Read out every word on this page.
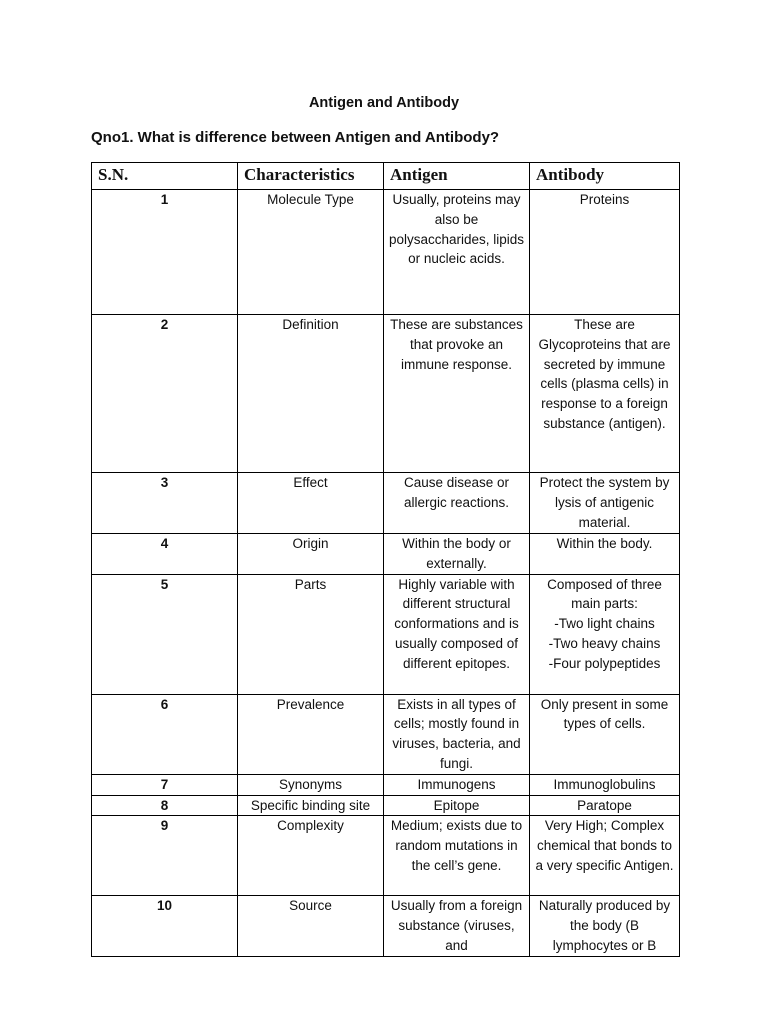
Antigen and Antibody
Qno1. What is difference between Antigen and Antibody?
S.N.	Characteristics	Antigen	Antibody
1	Molecule Type	Usually, proteins may also be polysaccharides, lipids or nucleic acids.	Proteins
2	Definition	These are substances that provoke an immune response.	These are Glycoproteins that are secreted by immune cells (plasma cells) in response to a foreign substance (antigen).
3	Effect	Cause disease or allergic reactions.	Protect the system by lysis of antigenic material.
4	Origin	Within the body or externally.	Within the body.
5	Parts	Highly variable with different structural conformations and is usually composed of different epitopes.	Composed of three main parts:
-Two light chains
-Two heavy chains
-Four polypeptides

6	Prevalence	Exists in all types of cells; mostly found in viruses, bacteria, and fungi.	Only present in some types of cells.
7	Synonyms	Immunogens	Immunoglobulins
8	Specific binding site	Epitope	Paratope
9	Complexity	Medium; exists due to random mutations in the cell’s gene.	Very High; Complex chemical that bonds to a very specific Antigen.
10	Source	Usually from a foreign substance (viruses, and	Naturally produced by the body (B lymphocytes or B
